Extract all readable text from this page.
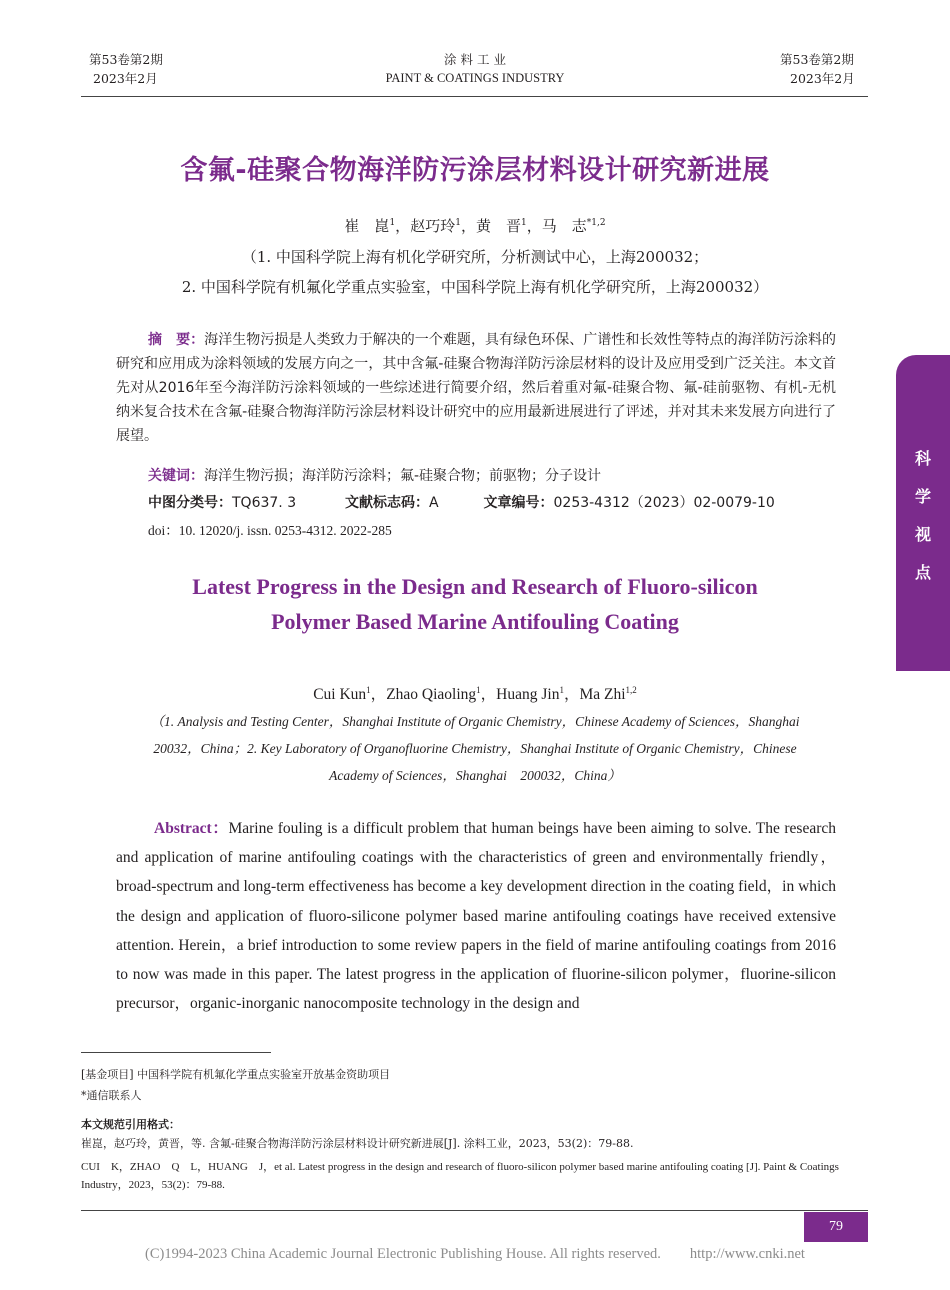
第53卷第2期
2023年2月
涂 料 工 业
PAINT & COATINGS INDUSTRY
第53卷第2期
2023年2月
含氟-硅聚合物海洋防污涂层材料设计研究新进展
崔　崑$^1$，赵巧玲$^1$，黄　晋$^1$，马　志$^{*1,2}$
（1. 中国科学院上海有机化学研究所，分析测试中心，上海200032；
2. 中国科学院有机氟化学重点实验室，中国科学院上海有机化学研究所，上海200032）
摘　要：海洋生物污损是人类致力于解决的一个难题，具有绿色环保、广谱性和长效性等特点的海洋防污涂料的研究和应用成为涂料领域的发展方向之一，其中含氟-硅聚合物海洋防污涂层材料的设计及应用受到广泛关注。本文首先对从2016年至今海洋防污涂料领域的一些综述进行简要介绍，然后着重对氟-硅聚合物、氟-硅前驱物、有机-无机纳米复合技术在含氟-硅聚合物海洋防污涂层材料设计研究中的应用最新进展进行了评述，并对其未来发展方向进行了展望。
关键词：海洋生物污损；海洋防污涂料；氟-硅聚合物；前驱物；分子设计
中图分类号：TQ637. 3	文献标志码：A	文章编号：0253-4312（2023）02-0079-10
doi：10. 12020/j. issn. 0253-4312. 2022-285
Latest Progress in the Design and Research of Fluoro-silicon
Polymer Based Marine Antifouling Coating
Cui Kun$^1$，Zhao Qiaoling$^1$，Huang Jin$^1$，Ma Zhi$^{1,2}$
（1. Analysis and Testing Center，Shanghai Institute of Organic Chemistry，Chinese Academy of Sciences，Shanghai
20032，China；2. Key Laboratory of Organofluorine Chemistry，Shanghai Institute of Organic Chemistry，Chinese
Academy of Sciences，Shanghai　200032，China）
Abstract：Marine fouling is a difficult problem that human beings have been aiming to solve. The research and application of marine antifouling coatings with the characteristics of green and environmentally friendly，broad-spectrum and long-term effectiveness has become a key development direction in the coating field，in which the design and application of fluoro-silicone polymer based marine antifouling coatings have received extensive attention. Herein，a brief introduction to some review papers in the field of marine antifouling coatings from 2016 to now was made in this paper. The latest progress in the application of fluorine-silicon polymer，fluorine-silicon precursor，organic-inorganic nanocomposite technology in the design and
[基金项目] 中国科学院有机氟化学重点实验室开放基金资助项目
*通信联系人
本文规范引用格式：
崔崑，赵巧玲，黄晋，等. 含氟-硅聚合物海洋防污涂层材料设计研究新进展[J]. 涂料工业，2023，53(2)：79-88.
CUI　K，ZHAO　Q　L，HUANG　J，et al. Latest progress in the design and research of fluoro-silicon polymer based marine antifouling coating [J]. Paint & Coatings Industry，2023，53(2)：79-88.
79
(C)1994-2023 China Academic Journal Electronic Publishing House. All rights reserved.　　http://www.cnki.net
科
学
视
点
